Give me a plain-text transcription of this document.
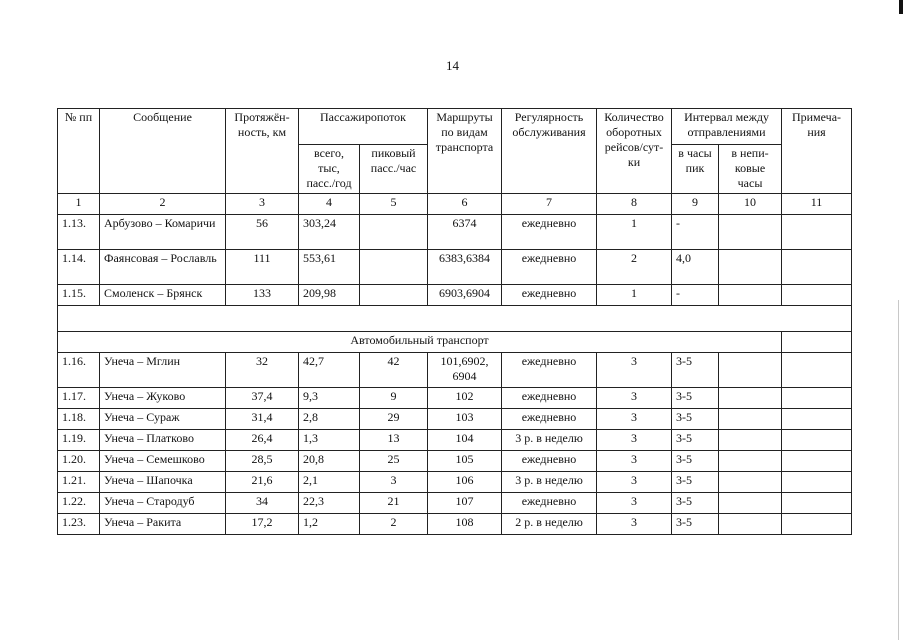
14
№ пп	Сообщение	Протяжён-ность, км	Пассажиропоток		Маршруты по видам транспорта	Регулярность обслуживания	Количество оборотных рейсов/сут-ки	Интервал между отправлениями		Примеча-ния
			всего, тыс, пасс./год	пиковый пасс./час				в часы пик	в непи-ковые часы	
1	2	3	4	5	6	7	8	9	10	11
1.13.	Арбузово – Комаричи	56	303,24		6374	ежедневно	1	-		
1.14.	Фаянсовая – Рославль	111	553,61		6383,6384	ежедневно	2	4,0		
1.15.	Смоленск – Брянск	133	209,98		6903,6904	ежедневно	1	-		

Автомобильный транспорт										
1.16.	Унеча – Мглин	32	42,7	42	101,6902, 6904	ежедневно	3	3-5		
1.17.	Унеча – Жуково	37,4	9,3	9	102	ежедневно	3	3-5		
1.18.	Унеча – Сураж	31,4	2,8	29	103	ежедневно	3	3-5		
1.19.	Унеча – Платково	26,4	1,3	13	104	3 р. в неделю	3	3-5		
1.20.	Унеча – Семешково	28,5	20,8	25	105	ежедневно	3	3-5		
1.21.	Унеча – Шапочка	21,6	2,1	3	106	3 р. в неделю	3	3-5		
1.22.	Унеча – Стародуб	34	22,3	21	107	ежедневно	3	3-5		
1.23.	Унеча – Ракита	17,2	1,2	2	108	2 р. в неделю	3	3-5		
